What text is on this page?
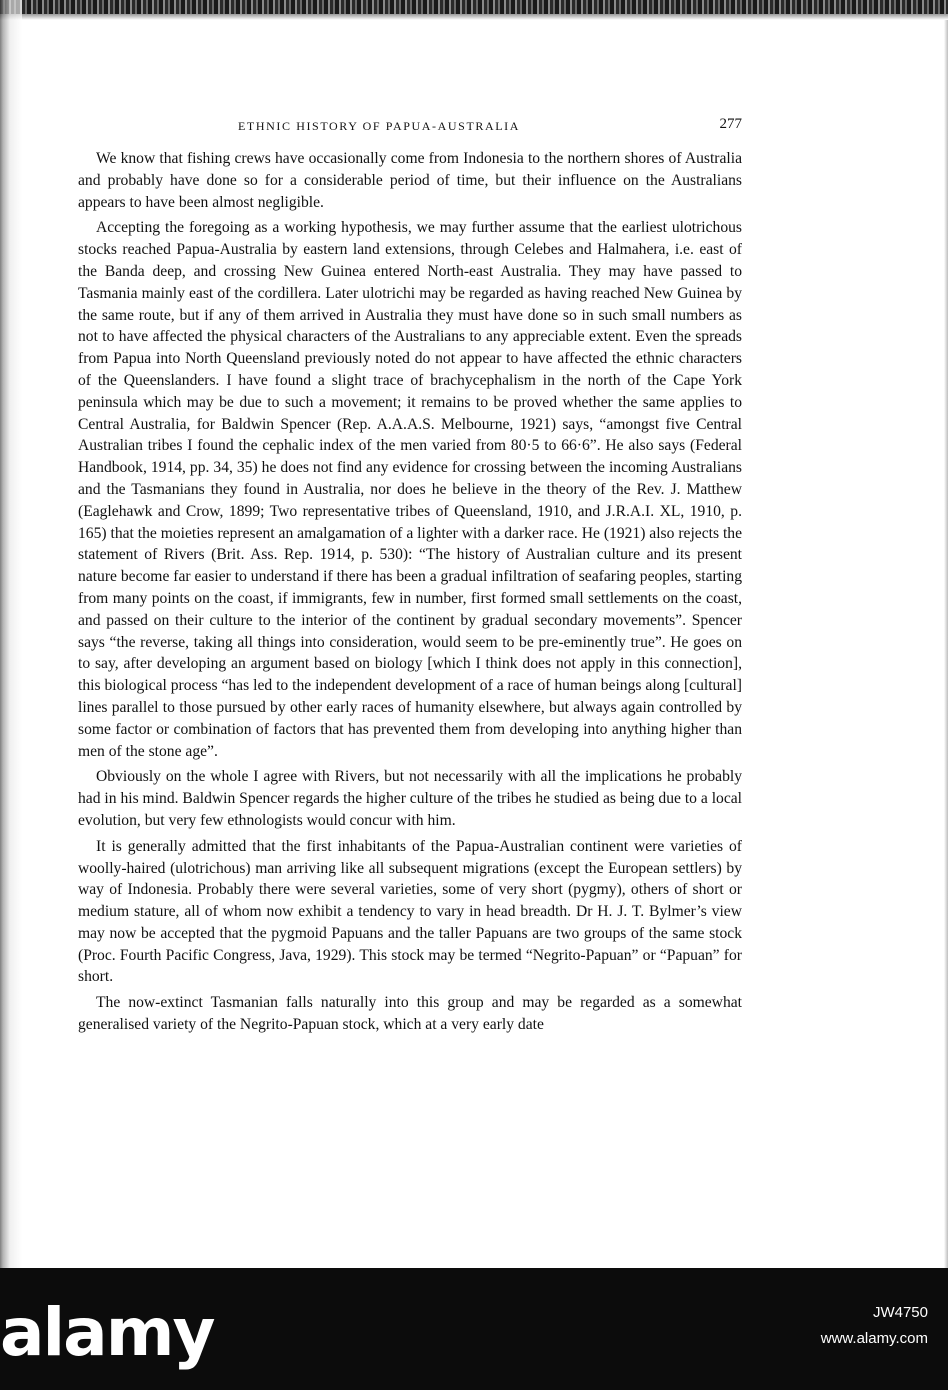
ETHNIC HISTORY OF PAPUA-AUSTRALIA	277

We know that fishing crews have occasionally come from Indonesia to the northern shores of Australia and probably have done so for a considerable period of time, but their influence on the Australians appears to have been almost negligible.

Accepting the foregoing as a working hypothesis, we may further assume that the earliest ulotrichous stocks reached Papua-Australia by eastern land extensions, through Celebes and Halmahera, i.e. east of the Banda deep, and crossing New Guinea entered North-east Australia. They may have passed to Tasmania mainly east of the cordillera. Later ulotrichi may be regarded as having reached New Guinea by the same route, but if any of them arrived in Australia they must have done so in such small numbers as not to have affected the physical characters of the Australians to any appreciable extent. Even the spreads from Papua into North Queensland previously noted do not appear to have affected the ethnic characters of the Queenslanders. I have found a slight trace of brachycephalism in the north of the Cape York peninsula which may be due to such a movement; it remains to be proved whether the same applies to Central Australia, for Baldwin Spencer (Rep. A.A.A.S. Melbourne, 1921) says, “amongst five Central Australian tribes I found the cephalic index of the men varied from 80·5 to 66·6”. He also says (Federal Handbook, 1914, pp. 34, 35) he does not find any evidence for crossing between the incoming Australians and the Tasmanians they found in Australia, nor does he believe in the theory of the Rev. J. Matthew (Eaglehawk and Crow, 1899; Two representative tribes of Queensland, 1910, and J.R.A.I. XL, 1910, p. 165) that the moieties represent an amalgamation of a lighter with a darker race. He (1921) also rejects the statement of Rivers (Brit. Ass. Rep. 1914, p. 530): “The history of Australian culture and its present nature become far easier to understand if there has been a gradual infiltration of seafaring peoples, starting from many points on the coast, if immigrants, few in number, first formed small settlements on the coast, and passed on their culture to the interior of the continent by gradual secondary movements”. Spencer says “the reverse, taking all things into consideration, would seem to be pre-eminently true”. He goes on to say, after developing an argument based on biology [which I think does not apply in this connection], this biological process “has led to the independent development of a race of human beings along [cultural] lines parallel to those pursued by other early races of humanity elsewhere, but always again controlled by some factor or combination of factors that has prevented them from developing into anything higher than men of the stone age”.

Obviously on the whole I agree with Rivers, but not necessarily with all the implications he probably had in his mind. Baldwin Spencer regards the higher culture of the tribes he studied as being due to a local evolution, but very few ethnologists would concur with him.

It is generally admitted that the first inhabitants of the Papua-Australian continent were varieties of woolly-haired (ulotrichous) man arriving like all subsequent migrations (except the European settlers) by way of Indonesia. Probably there were several varieties, some of very short (pygmy), others of short or medium stature, all of whom now exhibit a tendency to vary in head breadth. Dr H. J. T. Bylmer’s view may now be accepted that the pygmoid Papuans and the taller Papuans are two groups of the same stock (Proc. Fourth Pacific Congress, Java, 1929). This stock may be termed “Negrito-Papuan” or “Papuan” for short.

The now-extinct Tasmanian falls naturally into this group and may be regarded as a somewhat generalised variety of the Negrito-Papuan stock, which at a very early date

alamy	JW4750
www.alamy.com
